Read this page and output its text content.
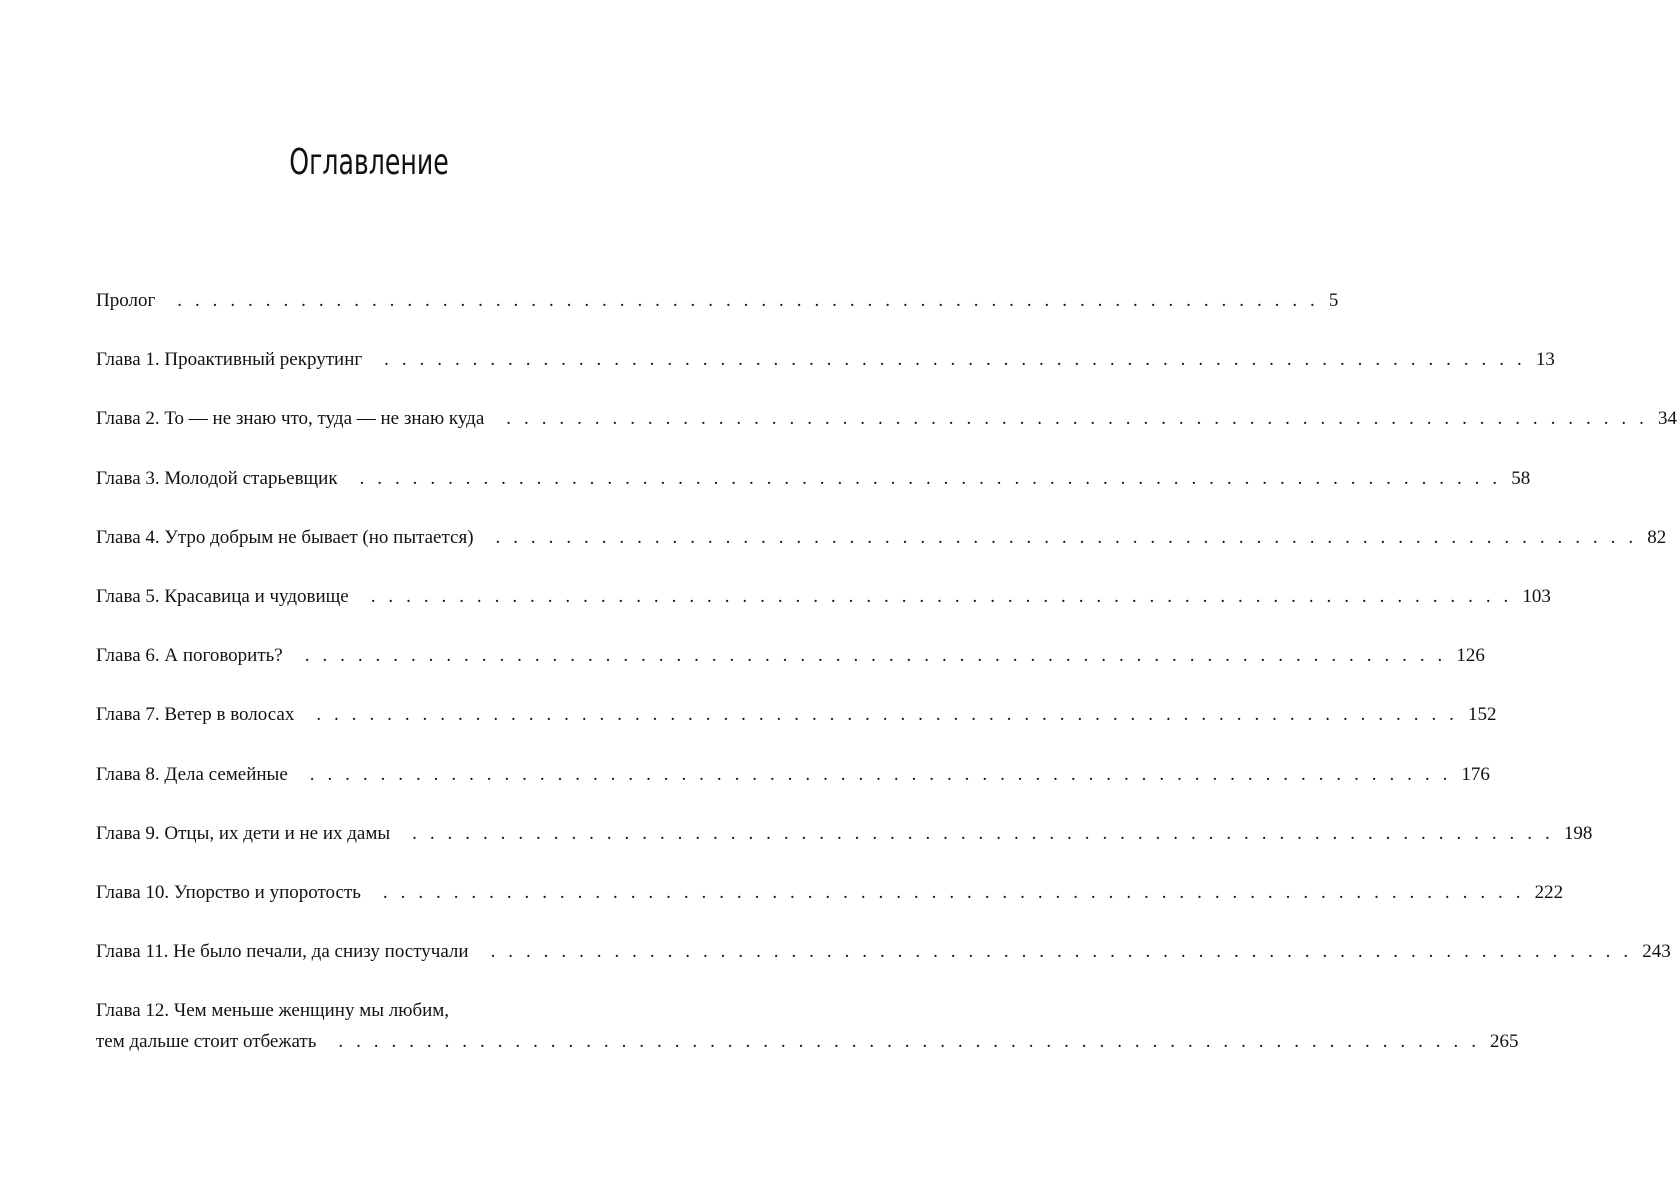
Оглавление
Пролог	. . . . . . . . . . . . . . . . . . . . . . . . . . . . . . . . . . . . . . . . . . . . . . . . . . . . . . . . . . . . . . . . . 5
Глава 1. Проактивный рекрутинг	. . . . . . . . . . . . . . . . . . . . . . . . . . . . . . . . . . . . . . . . . . . . . . . . . . . . . . . . . . . . . . . . . 13
Глава 2. То — не знаю что, туда — не знаю куда	. . . . . . . . . . . . . . . . . . . . . . . . . . . . . . . . . . . . . . . . . . . . . . . . . . . . . . . . . . . . . . . . . 34
Глава 3. Молодой старьевщик	. . . . . . . . . . . . . . . . . . . . . . . . . . . . . . . . . . . . . . . . . . . . . . . . . . . . . . . . . . . . . . . . . 58
Глава 4. Утро добрым не бывает (но пытается)	. . . . . . . . . . . . . . . . . . . . . . . . . . . . . . . . . . . . . . . . . . . . . . . . . . . . . . . . . . . . . . . . . 82
Глава 5. Красавица и чудовище	. . . . . . . . . . . . . . . . . . . . . . . . . . . . . . . . . . . . . . . . . . . . . . . . . . . . . . . . . . . . . . . . . 103
Глава 6. А поговорить?	. . . . . . . . . . . . . . . . . . . . . . . . . . . . . . . . . . . . . . . . . . . . . . . . . . . . . . . . . . . . . . . . . 126
Глава 7. Ветер в волосах	. . . . . . . . . . . . . . . . . . . . . . . . . . . . . . . . . . . . . . . . . . . . . . . . . . . . . . . . . . . . . . . . . 152
Глава 8. Дела семейные	. . . . . . . . . . . . . . . . . . . . . . . . . . . . . . . . . . . . . . . . . . . . . . . . . . . . . . . . . . . . . . . . . 176
Глава 9. Отцы, их дети и не их дамы	. . . . . . . . . . . . . . . . . . . . . . . . . . . . . . . . . . . . . . . . . . . . . . . . . . . . . . . . . . . . . . . . . 198
Глава 10. Упорство и упоротость	. . . . . . . . . . . . . . . . . . . . . . . . . . . . . . . . . . . . . . . . . . . . . . . . . . . . . . . . . . . . . . . . . 222
Глава 11. Не было печали, да снизу постучали	. . . . . . . . . . . . . . . . . . . . . . . . . . . . . . . . . . . . . . . . . . . . . . . . . . . . . . . . . . . . . . . . . 243
Глава 12. Чем меньше женщину мы любим,
тем дальше стоит отбежать	. . . . . . . . . . . . . . . . . . . . . . . . . . . . . . . . . . . . . . . . . . . . . . . . . . . . . . . . . . . . . . . . . 265
